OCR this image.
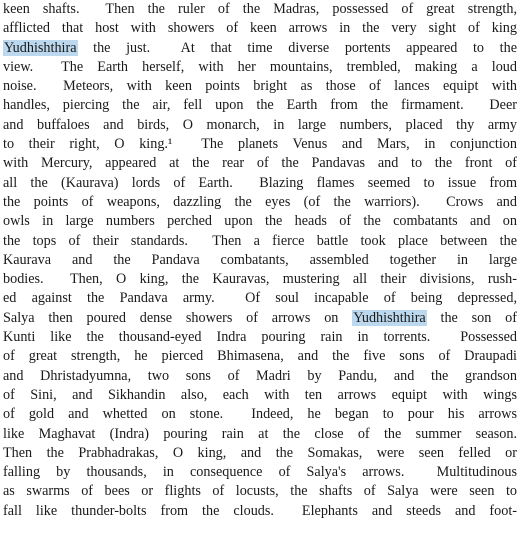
keen shafts.  Then the ruler of the Madras, possessed of great strength,
afflicted that host with showers of keen arrows in the very sight of king
Yudhishthira the just.  At that time diverse portents appeared to the
view.  The Earth herself, with her mountains, trembled, making a loud
noise.  Meteors, with keen points bright as those of lances equipt with
handles, piercing the air, fell upon the Earth from the firmament.  Deer
and buffaloes and birds, O monarch, in large numbers, placed thy army
to their right, O king.¹  The planets Venus and Mars, in conjunction
with Mercury, appeared at the rear of the Pandavas and to the front of
all the (Kaurava) lords of Earth.  Blazing flames seemed to issue from
the points of weapons, dazzling the eyes (of the warriors).  Crows and
owls in large numbers perched upon the heads of the combatants and on
the tops of their standards.  Then a fierce battle took place between the
Kaurava and the Pandava combatants, assembled together in large
bodies.  Then, O king, the Kauravas, mustering all their divisions, rush-
ed against the Pandava army.  Of soul incapable of being depressed,
Salya then poured dense showers of arrows on Yudhishthira the son of
Kunti like the thousand-eyed Indra pouring rain in torrents.  Possessed
of great strength, he pierced Bhimasena, and the five sons of Draupadi
and Dhristadyumna, two sons of Madri by Pandu, and the grandson
of Sini, and Sikhandin also, each with ten arrows equipt with wings
of gold and whetted on stone.  Indeed, he began to pour his arrows
like Maghavat (Indra) pouring rain at the close of the summer season.
Then the Prabhadrakas, O king, and the Somakas, were seen felled or
falling by thousands, in consequence of Salya's arrows.  Multitudinous
as swarms of bees or flights of locusts, the shafts of Salya were seen to
fall like thunder-bolts from the clouds.  Elephants and steeds and foot-
